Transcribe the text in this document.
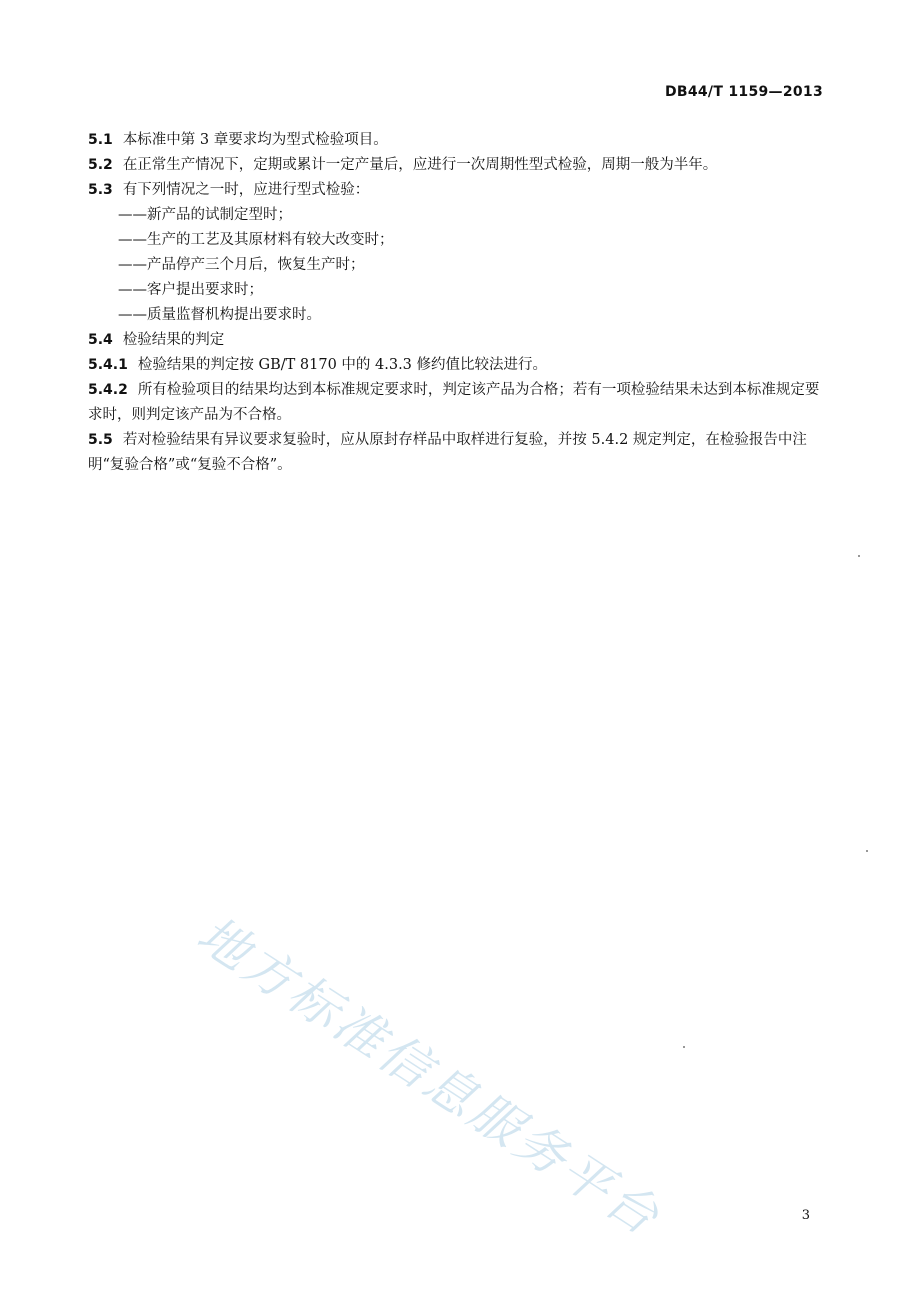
DB44/T 1159—2013

5.1 本标准中第 3 章要求均为型式检验项目。

5.2 在正常生产情况下，定期或累计一定产量后，应进行一次周期性型式检验，周期一般为半年。

5.3 有下列情况之一时，应进行型式检验：

——新产品的试制定型时；

——生产的工艺及其原材料有较大改变时；

——产品停产三个月后，恢复生产时；

——客户提出要求时；

——质量监督机构提出要求时。

5.4 检验结果的判定

5.4.1 检验结果的判定按 GB/T 8170 中的 4.3.3 修约值比较法进行。

5.4.2 所有检验项目的结果均达到本标准规定要求时，判定该产品为合格；若有一项检验结果未达到本标准规定要求时，则判定该产品为不合格。

5.5 若对检验结果有异议要求复验时，应从原封存样品中取样进行复验，并按 5.4.2 规定判定，在检验报告中注明“复验合格”或“复验不合格”。

地方标准信息服务平台	3
